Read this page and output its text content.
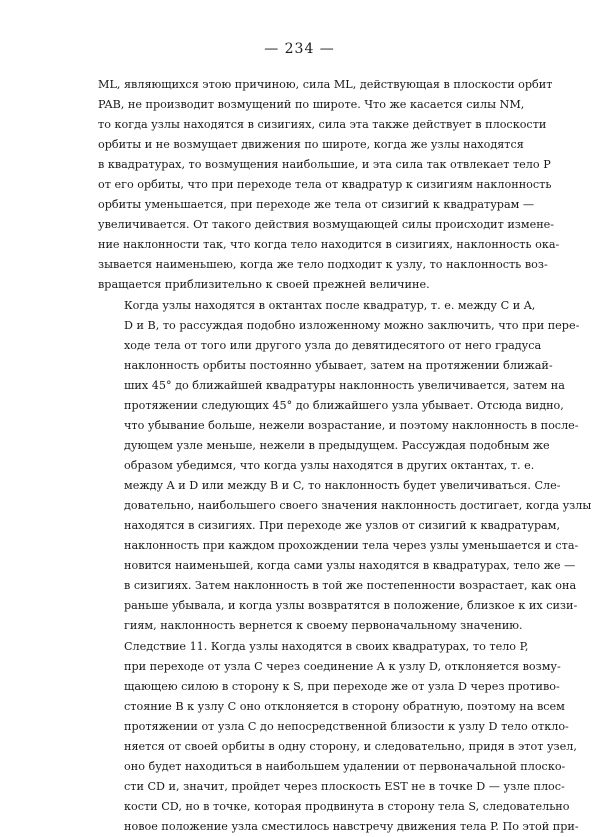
— 234 —
ML, являющихся этою причиною, сила ML, действующая в плоскости орбит
PAB, не производит возмущений по широте. Что же касается силы NM,
то когда узлы находятся в сизигиях, сила эта также действует в плоскости
орбиты и не возмущает движения по широте, когда же узлы находятся
в квадратурах, то возмущения наибольшие, и эта сила так отвлекает тело P
от его орбиты, что при переходе тела от квадратур к сизигиям наклонность
орбиты уменьшается, при переходе же тела от сизигий к квадратурам —
увеличивается. От такого действия возмущающей силы происходит измене-
ние наклонности так, что когда тело находится в сизигиях, наклонность ока-
зывается наименьшею, когда же тело подходит к узлу, то наклонность воз-
вращается приблизительно к своей прежней величине.
Когда узлы находятся в октантах после квадратур, т. е. между C и A,
D и B, то рассуждая подобно изложенному можно заключить, что при пере-
ходе тела от того или другого узла до девятидесятого от него градуса
наклонность орбиты постоянно убывает, затем на протяжении ближай-
ших 45° до ближайшей квадратуры наклонность увеличивается, затем на
протяжении следующих 45° до ближайшего узла убывает. Отсюда видно,
что убывание больше, нежели возрастание, и поэтому наклонность в после-
дующем узле меньше, нежели в предыдущем. Рассуждая подобным же
образом убедимся, что когда узлы находятся в других октантах, т. е.
между A и D или между B и C, то наклонность будет увеличиваться. Сле-
довательно, наибольшего своего значения наклонность достигает, когда узлы
находятся в сизигиях. При переходе же узлов от сизигий к квадратурам,
наклонность при каждом прохождении тела через узлы уменьшается и ста-
новится наименьшей, когда сами узлы находятся в квадратурах, тело же —
в сизигиях. Затем наклонность в той же постепенности возрастает, как она
раньше убывала, и когда узлы возвратятся в положение, близкое к их сизи-
гиям, наклонность вернется к своему первоначальному значению.
Следствие 11. Когда узлы находятся в своих квадратурах, то тело P,
при переходе от узла C через соединение A к узлу D, отклоняется возму-
щающею силою в сторону к S, при переходе же от узла D через противо-
стояние B к узлу C оно отклоняется в сторону обратную, поэтому на всем
протяжении от узла C до непосредственной близости к узлу D тело откло-
няется от своей орбиты в одну сторону, и следовательно, придя в этот узел,
оно будет находиться в наибольшем удалении от первоначальной плоско-
сти CD и, значит, пройдет через плоскость EST не в точке D — узле плос-
кости CD, но в точке, которая продвинута в сторону тела S, следовательно
новое положение узла сместилось навстречу движения тела P. По этой при-
